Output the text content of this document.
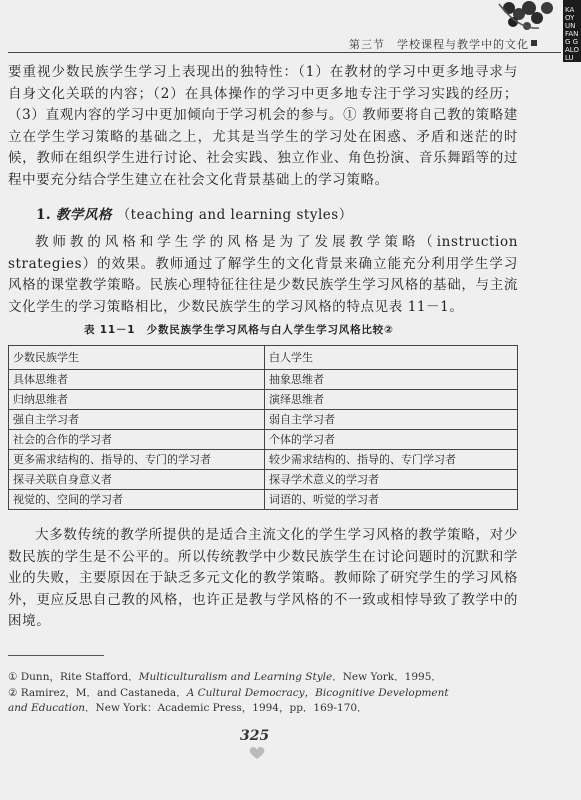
KAOYUN FANG GALOLU
第三节　学校课程与教学中的文化
要重视少数民族学生学习上表现出的独特性：（1）在教材的学习中更多地寻求与自身文化关联的内容；（2）在具体操作的学习中更多地专注于学习实践的经历；（3）直观内容的学习中更加倾向于学习机会的参与。① 教师要将自己教的策略建立在学生学习策略的基础之上，尤其是当学生的学习处在困惑、矛盾和迷茫的时候，教师在组织学生进行讨论、社会实践、独立作业、角色扮演、音乐舞蹈等的过程中要充分结合学生建立在社会文化背景基础上的学习策略。
1. 教学风格 （teaching and learning styles）
教师教的风格和学生学的风格是为了发展教学策略（instruction strategies）的效果。教师通过了解学生的文化背景来确立能充分利用学生学习风格的课堂教学策略。民族心理特征往往是少数民族学生学习风格的基础，与主流文化学生的学习策略相比，少数民族学生的学习风格的特点见表 11－1。
表 11－1　少数民族学生学习风格与白人学生学习风格比较②
少数民族学生	白人学生
具体思维者	抽象思维者
归纳思维者	演绎思维者
强自主学习者	弱自主学习者
社会的合作的学习者	个体的学习者
更多需求结构的、指导的、专门的学习者	较少需求结构的、指导的、专门学习者
探寻关联自身意义者	探寻学术意义的学习者
视觉的、空间的学习者	词语的、听觉的学习者
大多数传统的教学所提供的是适合主流文化的学生学习风格的教学策略，对少数民族的学生是不公平的。所以传统教学中少数民族学生在讨论问题时的沉默和学业的失败，主要原因在于缺乏多元文化的教学策略。教师除了研究学生的学习风格外，更应反思自己教的风格，也许正是教与学风格的不一致或相悖导致了教学中的困境。

① Dunn，Rite Stafford．Multiculturalism and Learning Style．New York．1995．

② Ramirez，M．and Castaneda．A Cultural Democracy，Bicognitive Development

and Education．New York：Academic Press，1994，pp．169-170．

325
